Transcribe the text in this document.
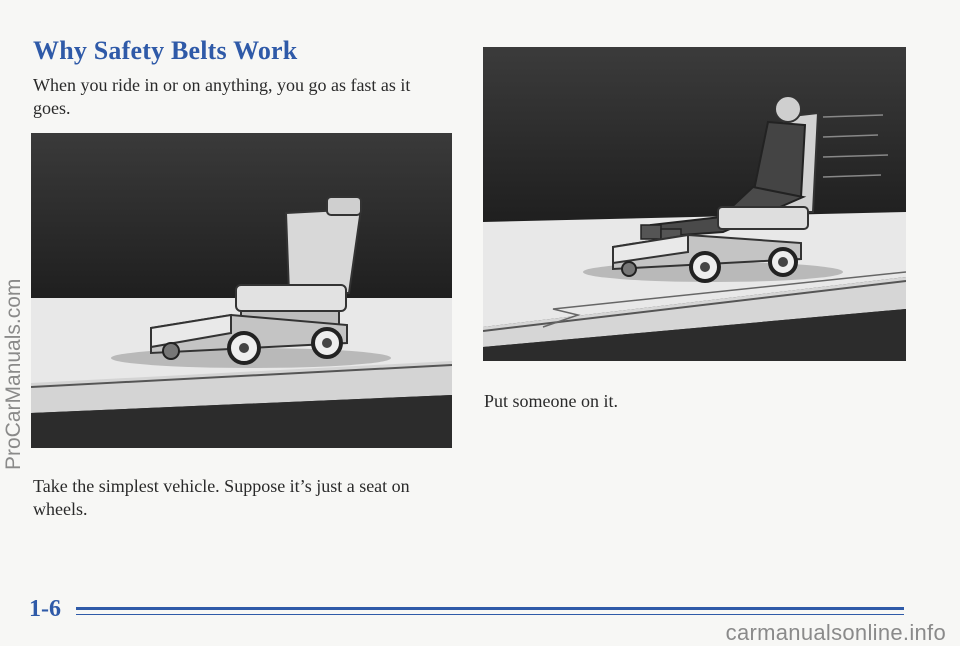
Why Safety Belts Work

When you ride in or on anything, you go as fast as it goes.

Take the simplest vehicle. Suppose it’s just a seat on wheels.

Put someone on it.

1-6
ProCarManuals.com
carmanualsonline.info
